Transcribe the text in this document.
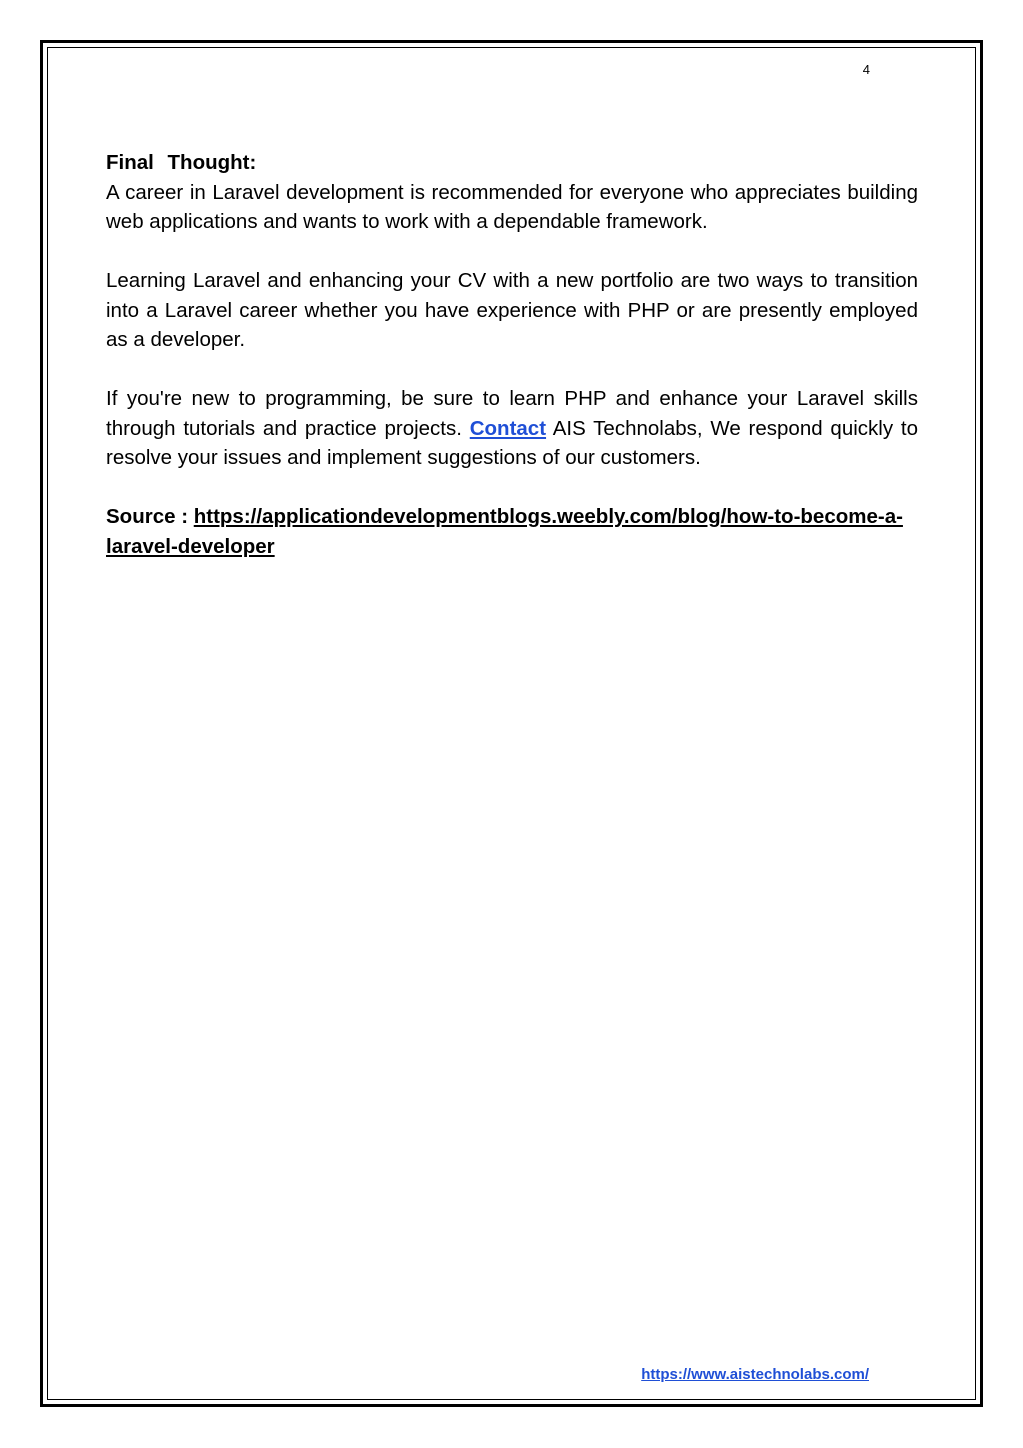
4
Final Thought:

A career in Laravel development is recommended for everyone who appreciates building web applications and wants to work with a dependable framework.

Learning Laravel and enhancing your CV with a new portfolio are two ways to transition into a Laravel career whether you have experience with PHP or are presently employed as a developer.

If you're new to programming, be sure to learn PHP and enhance your Laravel skills through tutorials and practice projects. Contact AIS Technolabs, We respond quickly to resolve your issues and implement suggestions of our customers.

Source : https://applicationdevelopmentblogs.weebly.com/blog/how-to-become-a-laravel-developer

https://www.aistechnolabs.com/
